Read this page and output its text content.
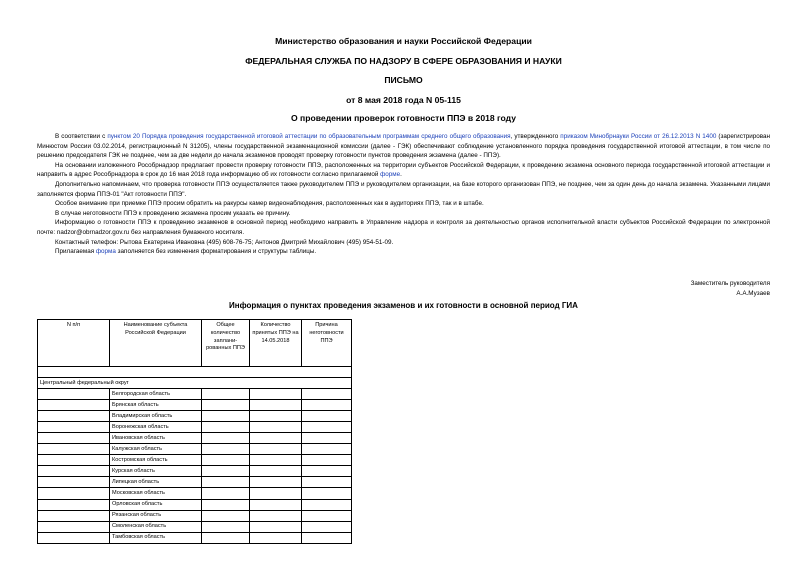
Министерство образования и науки Российской Федерации
ФЕДЕРАЛЬНАЯ СЛУЖБА ПО НАДЗОРУ В СФЕРЕ ОБРАЗОВАНИЯ И НАУКИ
ПИСЬМО
от 8 мая 2018 года N 05-115
О проведении проверок готовности ППЭ в 2018 году

В соответствии с пунктом 20 Порядка проведения государственной итоговой аттестации по образовательным программам среднего общего образования, утвержденного приказом Минобрнауки России от 26.12.2013 N 1400 (зарегистрирован Минюстом России 03.02.2014, регистрационный N 31205), члены государственной экзаменационной комиссии (далее - ГЭК) обеспечивают соблюдение установленного порядка проведения государственной итоговой аттестации, в том числе по решению председателя ГЭК не позднее, чем за две недели до начала экзаменов проводят проверку готовности пунктов проведения экзамена (далее - ППЭ).

На основании изложенного Рособрнадзор предлагает провести проверку готовности ППЭ, расположенных на территории субъектов Российской Федерации, к проведению экзамена основного периода государственной итоговой аттестации и направить в адрес Рособрнадзора в срок до 16 мая 2018 года информацию об их готовности согласно прилагаемой форме.

Дополнительно напоминаем, что проверка готовности ППЭ осуществляется также руководителем ППЭ и руководителем организации, на базе которого организован ППЭ, не позднее, чем за один день до начала экзамена. Указанными лицами заполняется форма ППЭ-01 "Акт готовности ППЭ".

Особое внимание при приемке ППЭ просим обратить на ракурсы камер видеонаблюдения, расположенных как в аудиториях ППЭ, так и в штабе.

В случае неготовности ППЭ к проведению экзамена просим указать ее причину.

Информацию о готовности ППЭ к проведению экзаменов в основной период необходимо направить в Управление надзора и контроля за деятельностью органов исполнительной власти субъектов Российской Федерации по электронной почте: nadzor@obrnadzor.gov.ru без направления бумажного носителя.

Контактный телефон: Рытова Екатерина Ивановна (495) 608-76-75; Антонов Дмитрий Михайлович (495) 954-51-09.

Прилагаемая форма заполняется без изменения форматирования и структуры таблицы.

Заместитель руководителя
А.А.Музаев
Информация о пунктах проведения экзаменов и их готовности в основной период ГИА
N п/п	Наименование субъекта Российской Федерации	Общее количество заплани-рованных ППЭ	Количество принятых ППЭ на 14.05.2018	Причина неготовности ППЭ

Центральный федеральный округ				
	Белгородская область			
	Брянская область			
	Владимирская область			
	Воронежская область			
	Ивановская область			
	Калужская область			
	Костромская область			
	Курская область			
	Липецкая область			
	Московская область			
	Орловская область			
	Рязанская область			
	Смоленская область			
	Тамбовская область			
